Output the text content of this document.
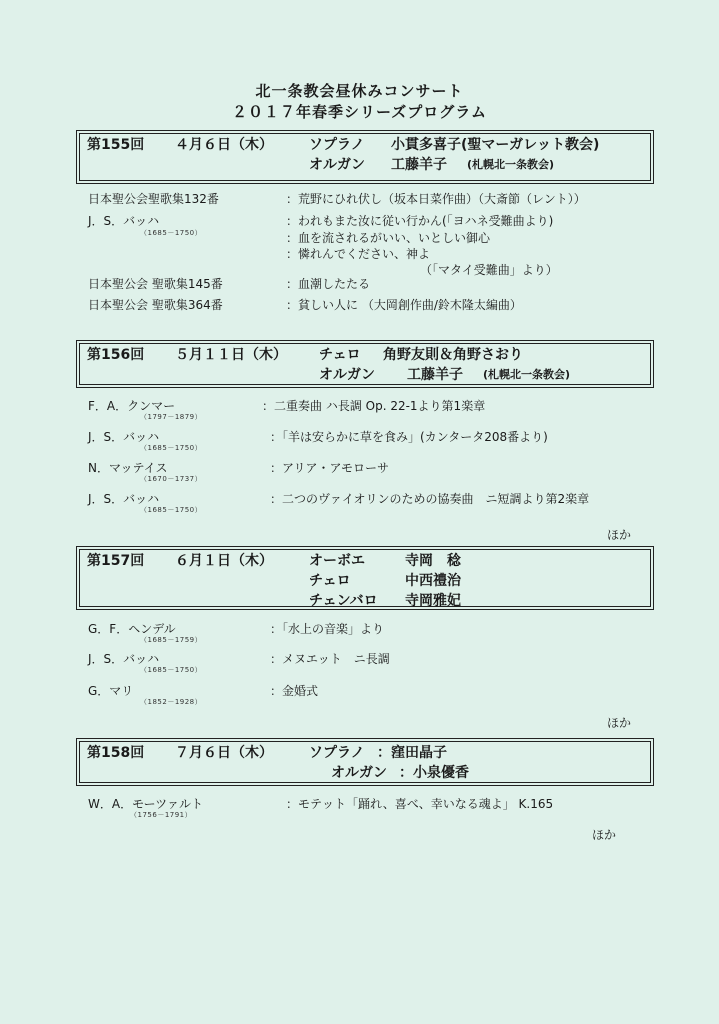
北一条教会昼休みコンサート
２０１７年春季シリーズプログラム
第155回 ４月６日（木）	ソプラノ 小貫多喜子(聖マーガレット教会)
オルガン 工藤羊子 (札幌北一条教会)
日本聖公会聖歌集132番	：荒野にひれ伏し（坂本日菜作曲）（大斎節（レント））
J．S．バッハ
（1685－1750）
：われもまた汝に従い行かん(「ヨハネ受難曲より)
：血を流されるがいい、いとしい御心
：憐れんでください、神よ
（「マタイ受難曲」より）
日本聖公会 聖歌集145番	：血潮したたる
日本聖公会 聖歌集364番	：貧しい人に （大岡創作曲/鈴木隆太編曲）
第156回 ５月１１日（木） チェロ 角野友則＆角野さおり
オルガン 工藤羊子 (札幌北一条教会)
F．A．クンマー
（1797－1879）
：二重奏曲 ハ長調 Op. 22-1より第1楽章
J．S．バッハ
（1685－1750）
：「羊は安らかに草を食み」(カンタータ208番より)
N．マッテイス
（1670－1737）
：アリア・アモローサ
J．S．バッハ
（1685－1750）
：二つのヴァイオリンのための協奏曲　ニ短調より第2楽章
ほか
第157回 ６月１日（木）	オーボエ	寺岡　稔
チェロ	中西禮治
チェンバロ 寺岡雅妃
G．F．ヘンデル
（1685－1759）
：「水上の音楽」より
J．S．バッハ
（1685－1750）
：メヌエット　ニ長調
G．マリ
（1852－1928）
：金婚式
ほか
第158回 ７月６日（木）	ソプラノ ：窪田晶子
オルガン ：小泉優香
W．A．モーツァルト
（1756－1791）
：モテット「踊れ、喜べ、幸いなる魂よ」 K.165
ほか
